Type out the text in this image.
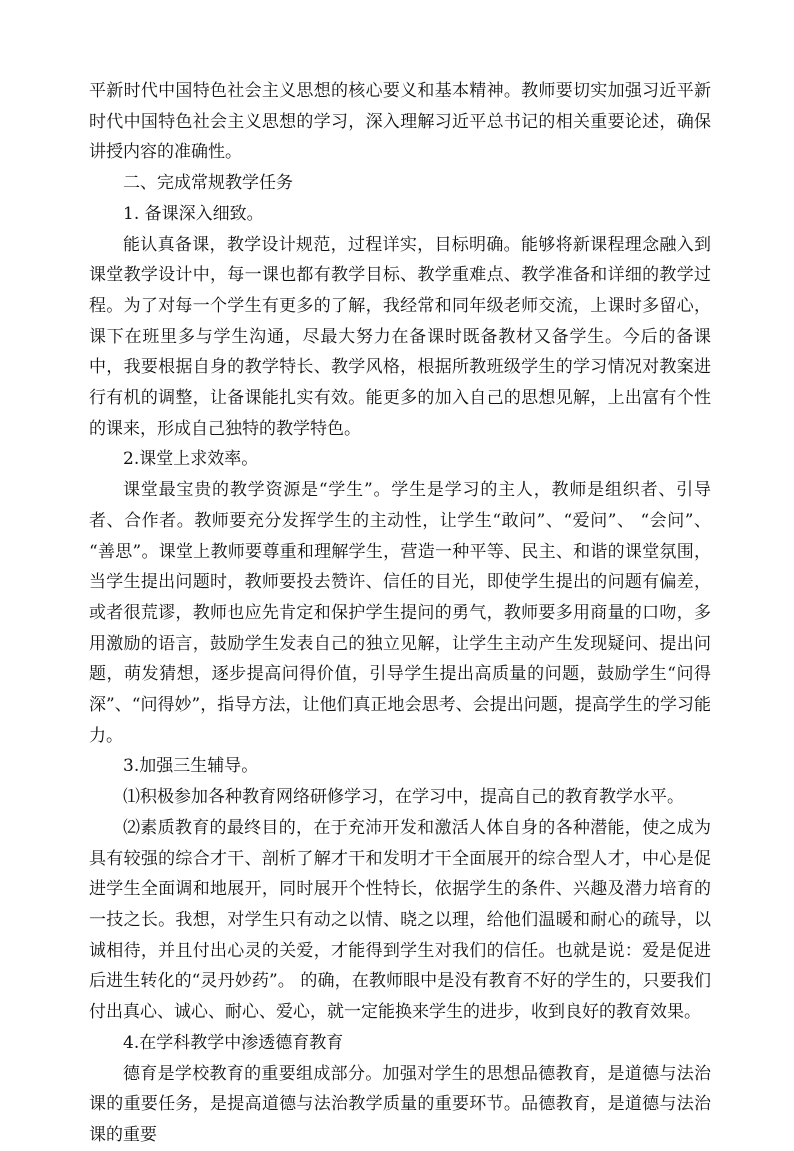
平新时代中国特色社会主义思想的核心要义和基本精神。教师要切实加强习近平新时代中国特色社会主义思想的学习，深入理解习近平总书记的相关重要论述，确保讲授内容的准确性。

二、完成常规教学任务

1. 备课深入细致。

能认真备课，教学设计规范，过程详实，目标明确。能够将新课程理念融入到课堂教学设计中，每一课也都有教学目标、教学重难点、教学准备和详细的教学过程。为了对每一个学生有更多的了解，我经常和同年级老师交流，上课时多留心，课下在班里多与学生沟通，尽最大努力在备课时既备教材又备学生。今后的备课中，我要根据自身的教学特长、教学风格，根据所教班级学生的学习情况对教案进行有机的调整，让备课能扎实有效。能更多的加入自己的思想见解，上出富有个性的课来，形成自己独特的教学特色。

2.课堂上求效率。

课堂最宝贵的教学资源是“学生”。学生是学习的主人，教师是组织者、引导者、合作者。教师要充分发挥学生的主动性，让学生“敢问”、“爱问”、 “会问”、 “善思”。课堂上教师要尊重和理解学生，营造一种平等、民主、和谐的课堂氛围，当学生提出问题时，教师要投去赞许、信任的目光，即使学生提出的问题有偏差，或者很荒谬，教师也应先肯定和保护学生提问的勇气，教师要多用商量的口吻，多用激励的语言，鼓励学生发表自己的独立见解，让学生主动产生发现疑问、提出问题，萌发猜想，逐步提高问得价值，引导学生提出高质量的问题，鼓励学生“问得深”、“问得妙”，指导方法，让他们真正地会思考、会提出问题，提高学生的学习能力。

3.加强三生辅导。

⑴积极参加各种教育网络研修学习，在学习中，提高自己的教育教学水平。

⑵素质教育的最终目的，在于充沛开发和激活人体自身的各种潜能，使之成为具有较强的综合才干、剖析了解才干和发明才干全面展开的综合型人才，中心是促进学生全面调和地展开，同时展开个性特长，依据学生的条件、兴趣及潜力培育的一技之长。我想，对学生只有动之以情、晓之以理，给他们温暖和耐心的疏导，以诚相待，并且付出心灵的关爱，才能得到学生对我们的信任。也就是说：爱是促进后进生转化的“灵丹妙药”。 的确，在教师眼中是没有教育不好的学生的，只要我们付出真心、诚心、耐心、爱心，就一定能换来学生的进步，收到良好的教育效果。

4.在学科教学中渗透德育教育

德育是学校教育的重要组成部分。加强对学生的思想品德教育，是道德与法治课的重要任务，是提高道德与法治教学质量的重要环节。品德教育，是道德与法治课的重要
